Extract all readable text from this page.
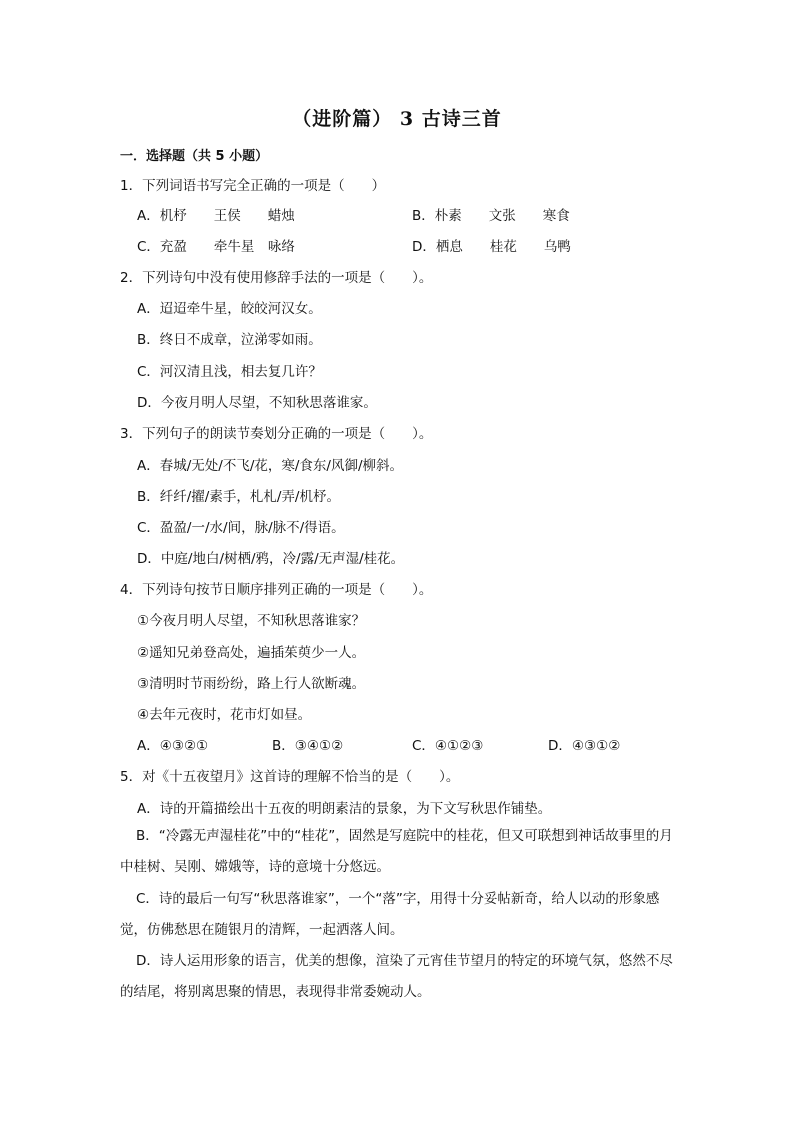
（进阶篇） 3 古诗三首
一．选择题（共 5 小题）
1．下列词语书写完全正确的一项是（　　）
A．机杼　　王侯　　蜡烛	B．朴素　　文张　　寒食
C．充盈　　牵牛星　咏络	D．栖息　　桂花　　乌鸭
2．下列诗句中没有使用修辞手法的一项是（　　）。
A．迢迢牵牛星，皎皎河汉女。
B．终日不成章，泣涕零如雨。
C．河汉清且浅，相去复几许？
D．今夜月明人尽望，不知秋思落谁家。
3．下列句子的朗读节奏划分正确的一项是（　　）。
A．春城/无处/不飞/花，寒/食东/风御/柳斜。
B．纤纤/擢/素手，札札/弄/机杼。
C．盈盈/一/水/间，脉/脉不/得语。
D．中庭/地白/树栖/鸦，冷/露/无声湿/桂花。
4．下列诗句按节日顺序排列正确的一项是（　　）。
①今夜月明人尽望，不知秋思落谁家？
②遥知兄弟登高处，遍插茱萸少一人。
③清明时节雨纷纷，路上行人欲断魂。
④去年元夜时，花市灯如昼。
A．④③②①	B．③④①②	C．④①②③	D．④③①②
5．对《十五夜望月》这首诗的理解不恰当的是（　　）。
A．诗的开篇描绘出十五夜的明朗素洁的景象，为下文写秋思作铺垫。
B．“冷露无声湿桂花”中的“桂花”，固然是写庭院中的桂花，但又可联想到神话故事里的月中桂树、吴刚、嫦娥等，诗的意境十分悠远。
C．诗的最后一句写“秋思落谁家”，一个“落”字，用得十分妥帖新奇，给人以动的形象感觉，仿佛愁思在随银月的清辉，一起洒落人间。
D．诗人运用形象的语言，优美的想像，渲染了元宵佳节望月的特定的环境气氛，悠然不尽的结尾，将别离思聚的情思，表现得非常委婉动人。
